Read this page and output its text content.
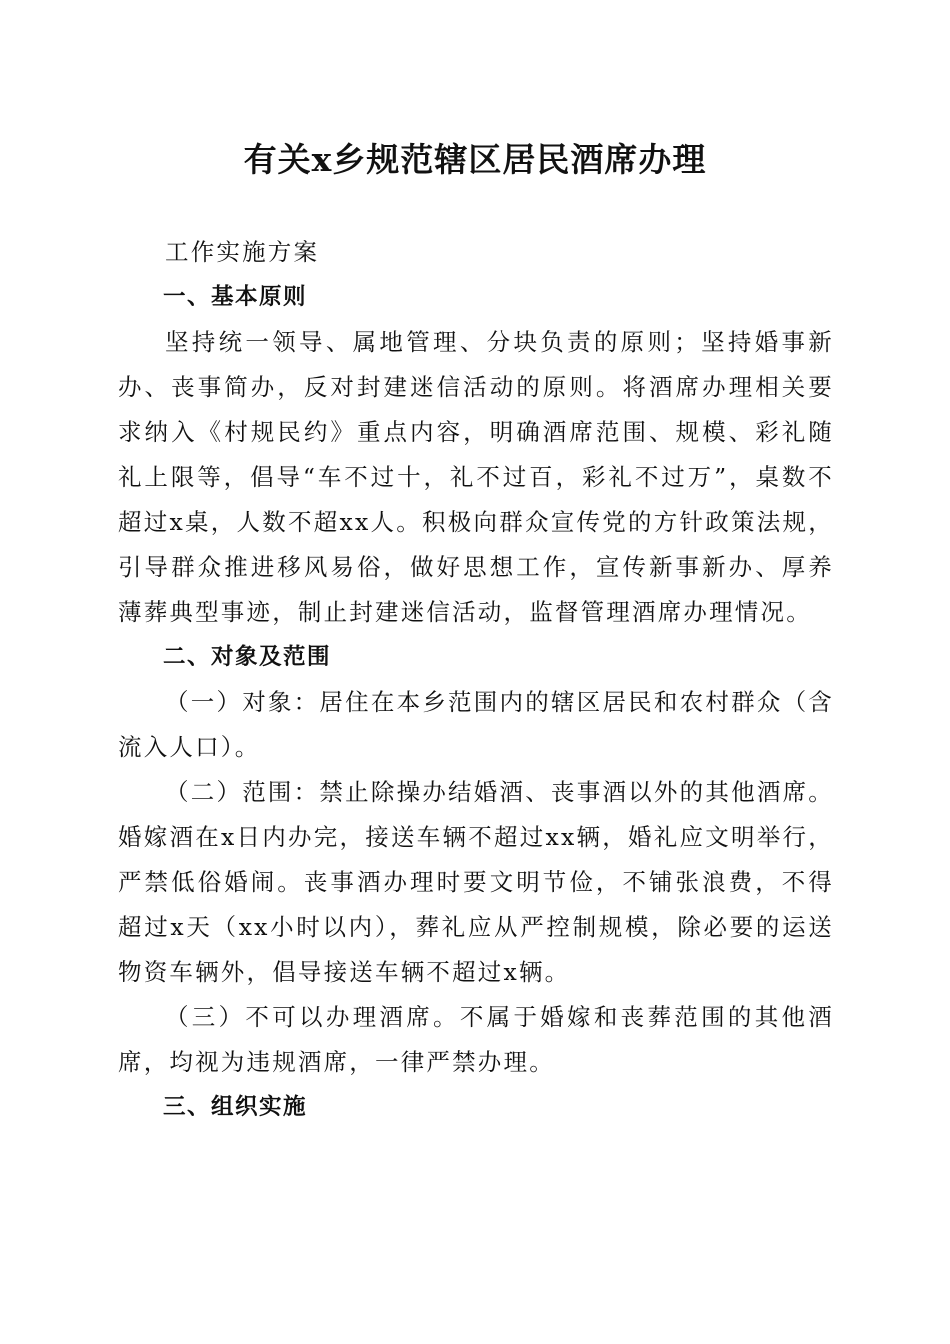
有关x乡规范辖区居民酒席办理

工作实施方案

一、基本原则

坚持统一领导、属地管理、分块负责的原则；坚持婚事新办、丧事简办，反对封建迷信活动的原则。将酒席办理相关要求纳入《村规民约》重点内容，明确酒席范围、规模、彩礼随礼上限等，倡导“车不过十，礼不过百，彩礼不过万”，桌数不超过x桌，人数不超xx人。积极向群众宣传党的方针政策法规，引导群众推进移风易俗，做好思想工作，宣传新事新办、厚养薄葬典型事迹，制止封建迷信活动，监督管理酒席办理情况。

二、对象及范围

（一）对象：居住在本乡范围内的辖区居民和农村群众（含流入人口）。

（二）范围：禁止除操办结婚酒、丧事酒以外的其他酒席。婚嫁酒在x日内办完，接送车辆不超过xx辆，婚礼应文明举行，严禁低俗婚闹。丧事酒办理时要文明节俭，不铺张浪费，不得超过x天（xx小时以内），葬礼应从严控制规模，除必要的运送物资车辆外，倡导接送车辆不超过x辆。

（三）不可以办理酒席。不属于婚嫁和丧葬范围的其他酒席，均视为违规酒席，一律严禁办理。

三、组织实施
